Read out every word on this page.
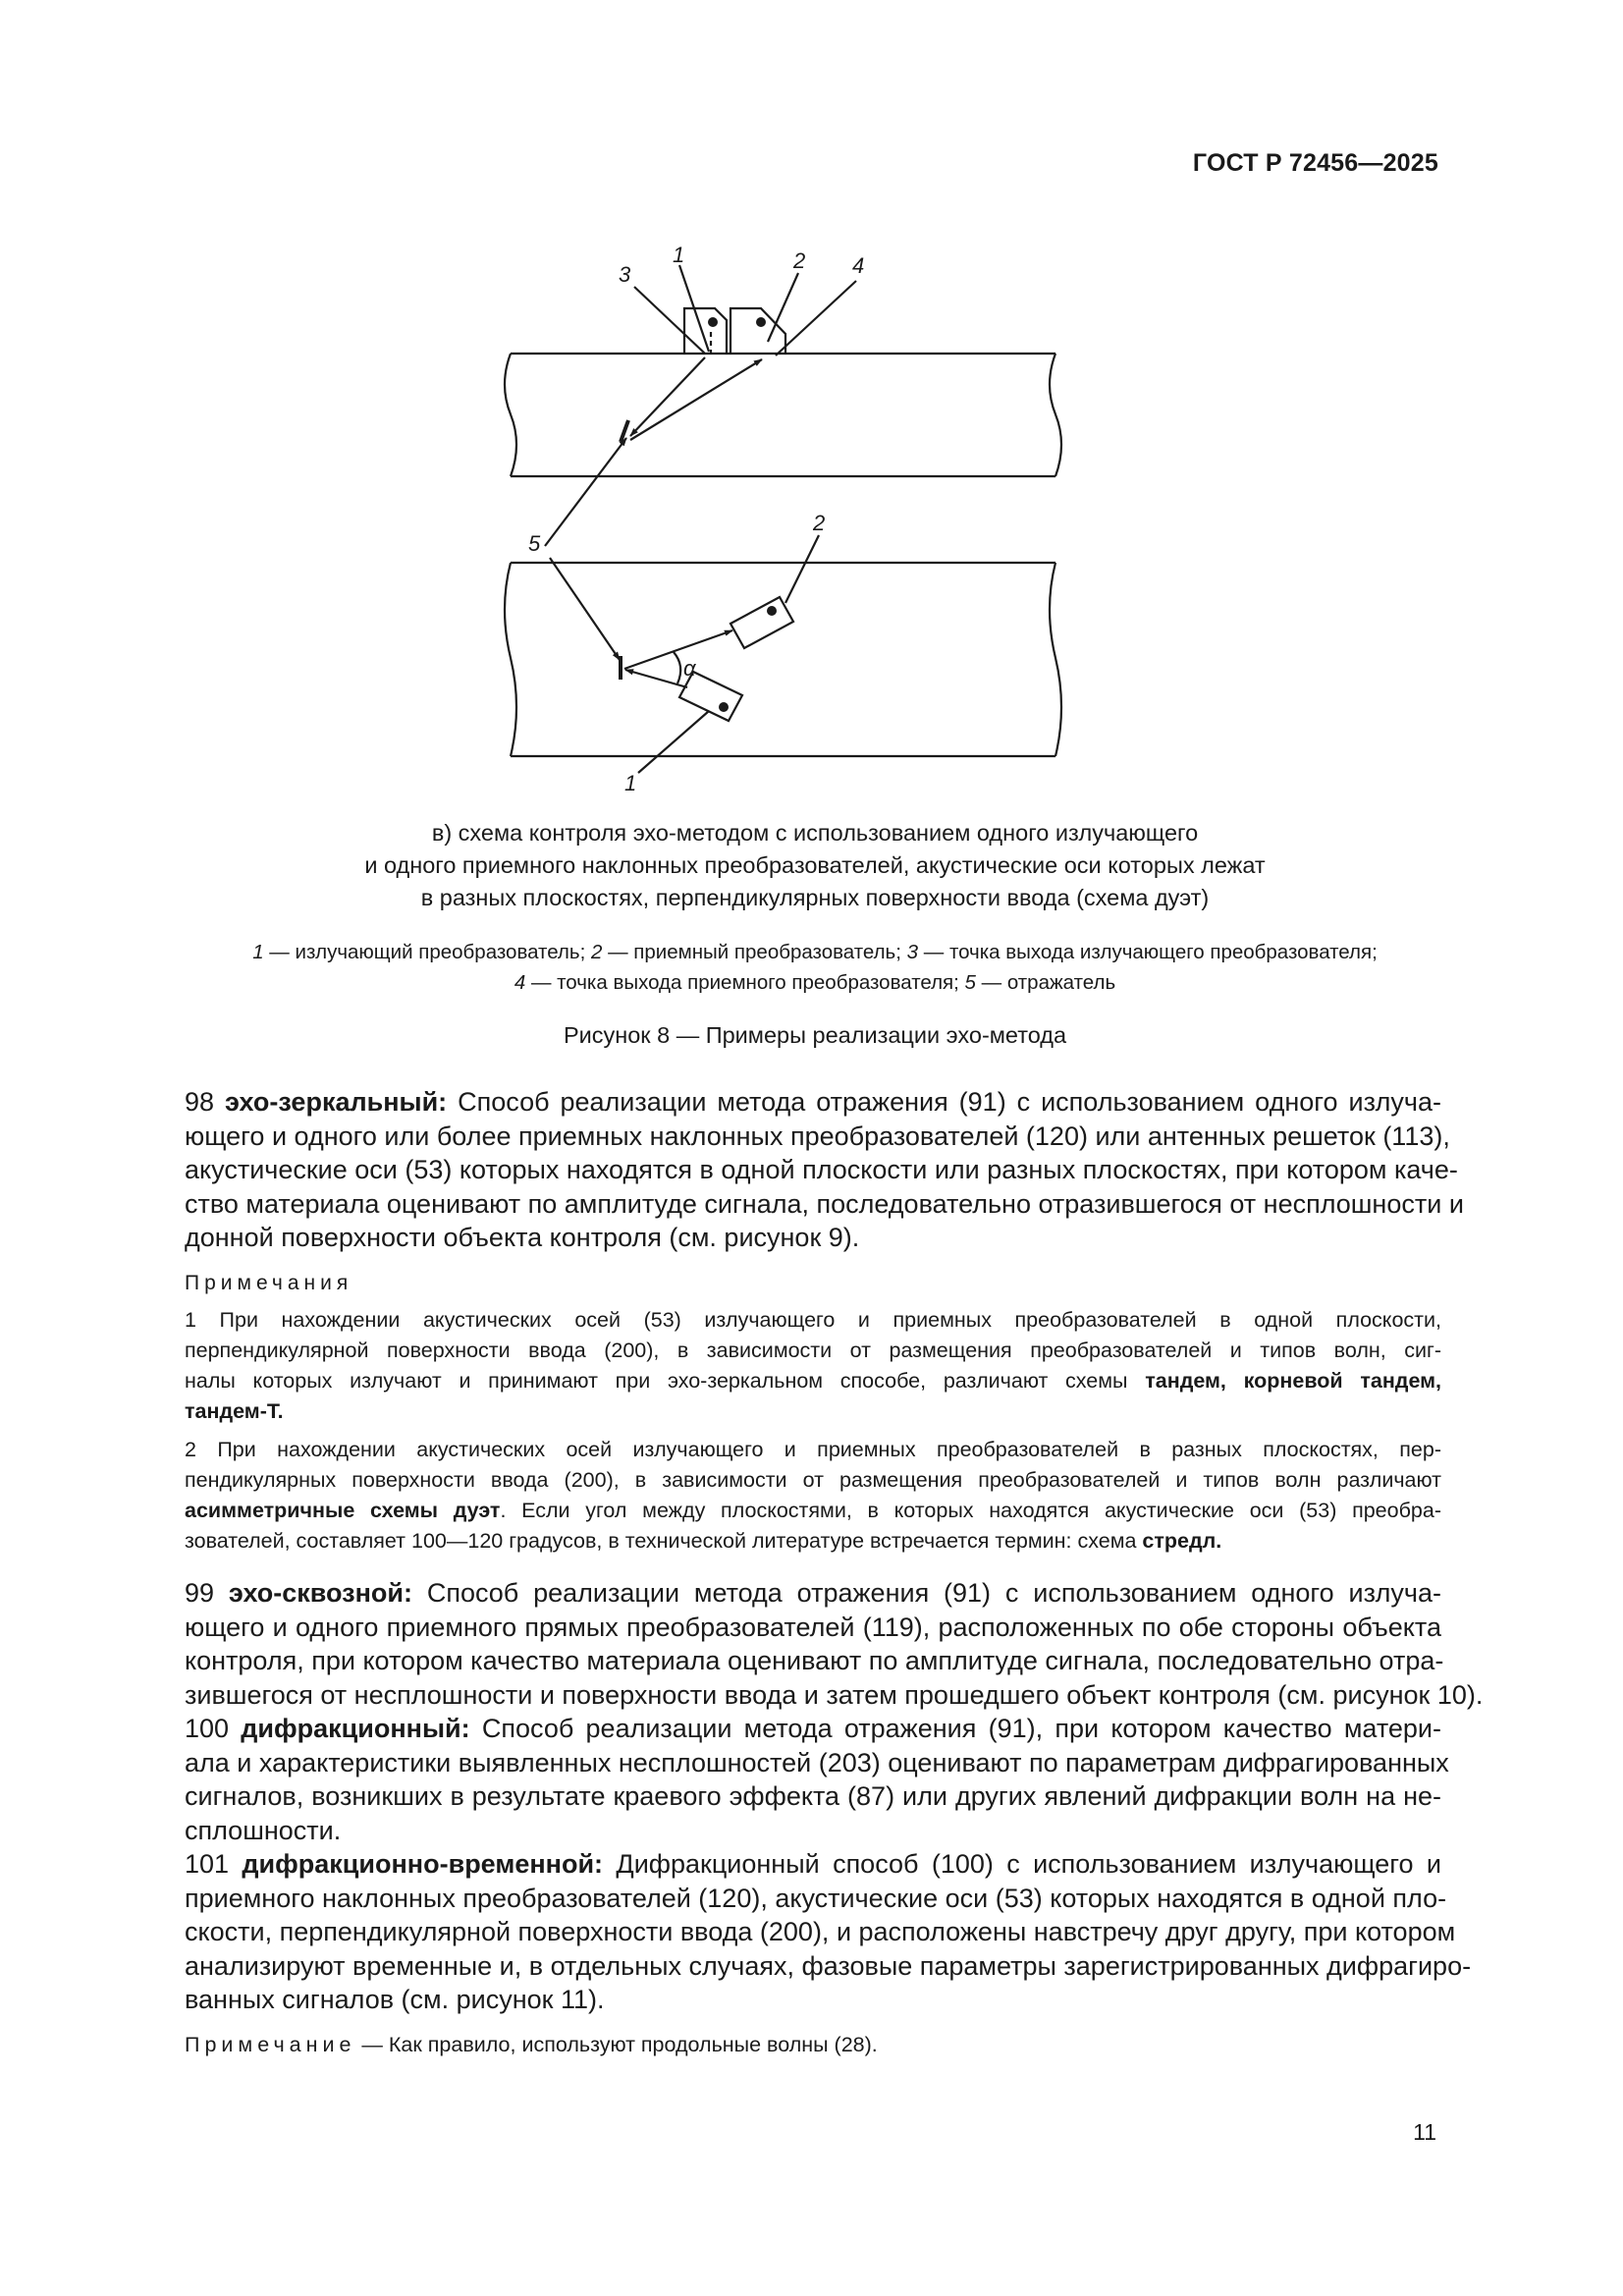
ГОСТ Р 72456—2025
1	2
3	4
5
2
α
1

в) схема контроля эхо-методом с использованием одного излучающего

и одного приемного наклонных преобразователей, акустические оси которых лежат

в разных плоскостях, перпендикулярных поверхности ввода (схема дуэт)

1 — излучающий преобразователь; 2 — приемный преобразователь; 3 — точка выхода излучающего преобразователя;

4 — точка выхода приемного преобразователя; 5 — отражатель

Рисунок 8 — Примеры реализации эхо-метода
98 эхо-зеркальный: Способ реализации метода отражения (91) с использованием одного излуча-
ющего и одного или более приемных наклонных преобразователей (120) или антенных решеток (113),
акустические оси (53) которых находятся в одной плоскости или разных плоскостях, при котором каче-
ство материала оценивают по амплитуде сигнала, последовательно отразившегося от несплошности и
донной поверхности объекта контроля (см. рисунок 9).
Примечания
1 При нахождении акустических осей (53) излучающего и приемных преобразователей в одной плоскости,
перпендикулярной поверхности ввода (200), в зависимости от размещения преобразователей и типов волн, сиг-
налы которых излучают и принимают при эхо-зеркальном способе, различают схемы тандем, корневой тандем,
тандем-Т.
2 При нахождении акустических осей излучающего и приемных преобразователей в разных плоскостях, пер-
пендикулярных поверхности ввода (200), в зависимости от размещения преобразователей и типов волн различают
асимметричные схемы дуэт. Если угол между плоскостями, в которых находятся акустические оси (53) преобра-
зователей, составляет 100—120 градусов, в технической литературе встречается термин: схема стредл.
99 эхо-сквозной: Способ реализации метода отражения (91) с использованием одного излуча-
ющего и одного приемного прямых преобразователей (119), расположенных по обе стороны объекта
контроля, при котором качество материала оценивают по амплитуде сигнала, последовательно отра-
зившегося от несплошности и поверхности ввода и затем прошедшего объект контроля (см. рисунок 10).
100 дифракционный: Способ реализации метода отражения (91), при котором качество матери-
ала и характеристики выявленных несплошностей (203) оценивают по параметрам дифрагированных
сигналов, возникших в результате краевого эффекта (87) или других явлений дифракции волн на не-
сплошности.
101 дифракционно-временной: Дифракционный способ (100) с использованием излучающего и
приемного наклонных преобразователей (120), акустические оси (53) которых находятся в одной пло-
скости, перпендикулярной поверхности ввода (200), и расположены навстречу друг другу, при котором
анализируют временные и, в отдельных случаях, фазовые параметры зарегистрированных дифрагиро-
ванных сигналов (см. рисунок 11).
Примечание — Как правило, используют продольные волны (28).
11
